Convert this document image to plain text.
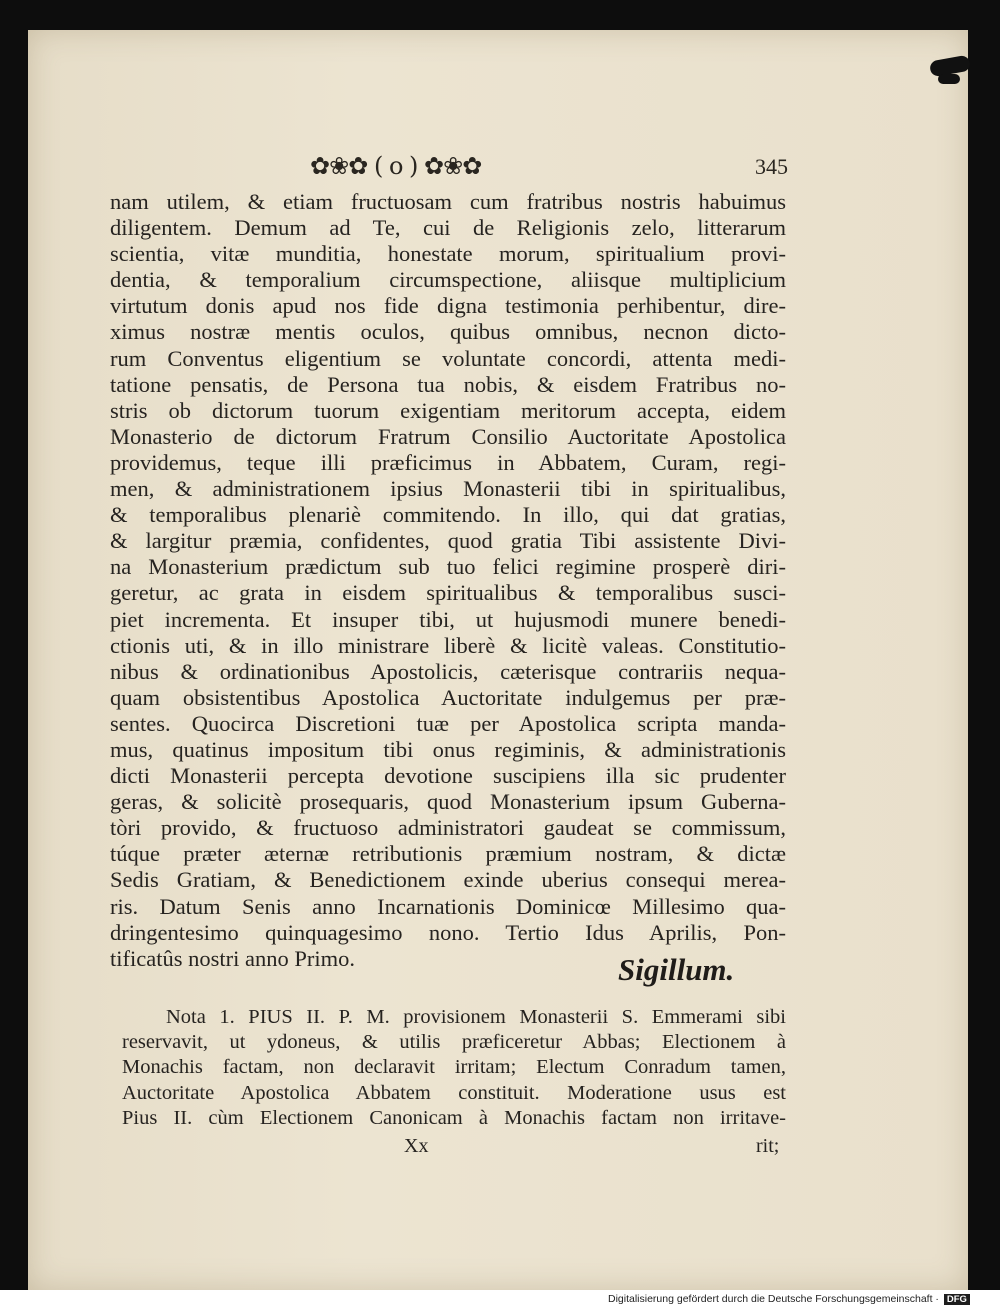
✿❀✿ ( o ) ✿❀✿	345
nam utilem, & etiam fructuosam cum fratribus nostris habuimus
diligentem. Demum ad Te, cui de Religionis zelo, litterarum
scientia, vitæ munditia, honestate morum, spiritualium provi-
dentia, & temporalium circumspectione, aliisque multiplicium
virtutum donis apud nos fide digna testimonia perhibentur, dire-
ximus nostræ mentis oculos, quibus omnibus, necnon dicto-
rum Conventus eligentium se voluntate concordi, attenta medi-
tatione pensatis, de Persona tua nobis, & eisdem Fratribus no-
stris ob dictorum tuorum exigentiam meritorum accepta, eidem
Monasterio de dictorum Fratrum Consilio Auctoritate Apostolica
providemus, teque illi præficimus in Abbatem, Curam, regi-
men, & administrationem ipsius Monasterii tibi in spiritualibus,
& temporalibus plenariè commitendo. In illo, qui dat gratias,
& largitur præmia, confidentes, quod gratia Tibi assistente Divi-
na Monasterium prædictum sub tuo felici regimine prosperè diri-
geretur, ac grata in eisdem spiritualibus & temporalibus susci-
piet incrementa. Et insuper tibi, ut hujusmodi munere benedi-
ctionis uti, & in illo ministrare liberè & licitè valeas. Constitutio-
nibus & ordinationibus Apostolicis, cæterisque contrariis nequa-
quam obsistentibus Apostolica Auctoritate indulgemus per præ-
sentes. Quocirca Discretioni tuæ per Apostolica scripta manda-
mus, quatinus impositum tibi onus regiminis, & administrationis
dicti Monasterii percepta devotione suscipiens illa sic prudenter
geras, & solicitè prosequaris, quod Monasterium ipsum Guberna-
tòri provido, & fructuoso administratori gaudeat se commissum,
túque præter æternæ retributionis præmium nostram, & dictæ
Sedis Gratiam, & Benedictionem exinde uberius consequi merea-
ris. Datum Senis anno Incarnationis Dominicœ Millesimo qua-
dringentesimo quinquagesimo nono. Tertio Idus Aprilis, Pon-
tificatûs nostri anno Primo.	Sigillum.
Nota 1. PIUS II. P. M. provisionem Monasterii S. Emmerami sibi
reservavit, ut ydoneus, & utilis præficeretur Abbas; Electionem à
Monachis factam, non declaravit irritam; Electum Conradum tamen,
Auctoritate Apostolica Abbatem constituit. Moderatione usus est
Pius II. cùm Electionem Canonicam à Monachis factam non irritave-
Xx	rit;
Digitalisierung gefördert durch die Deutsche Forschungsgemeinschaft · DFG
